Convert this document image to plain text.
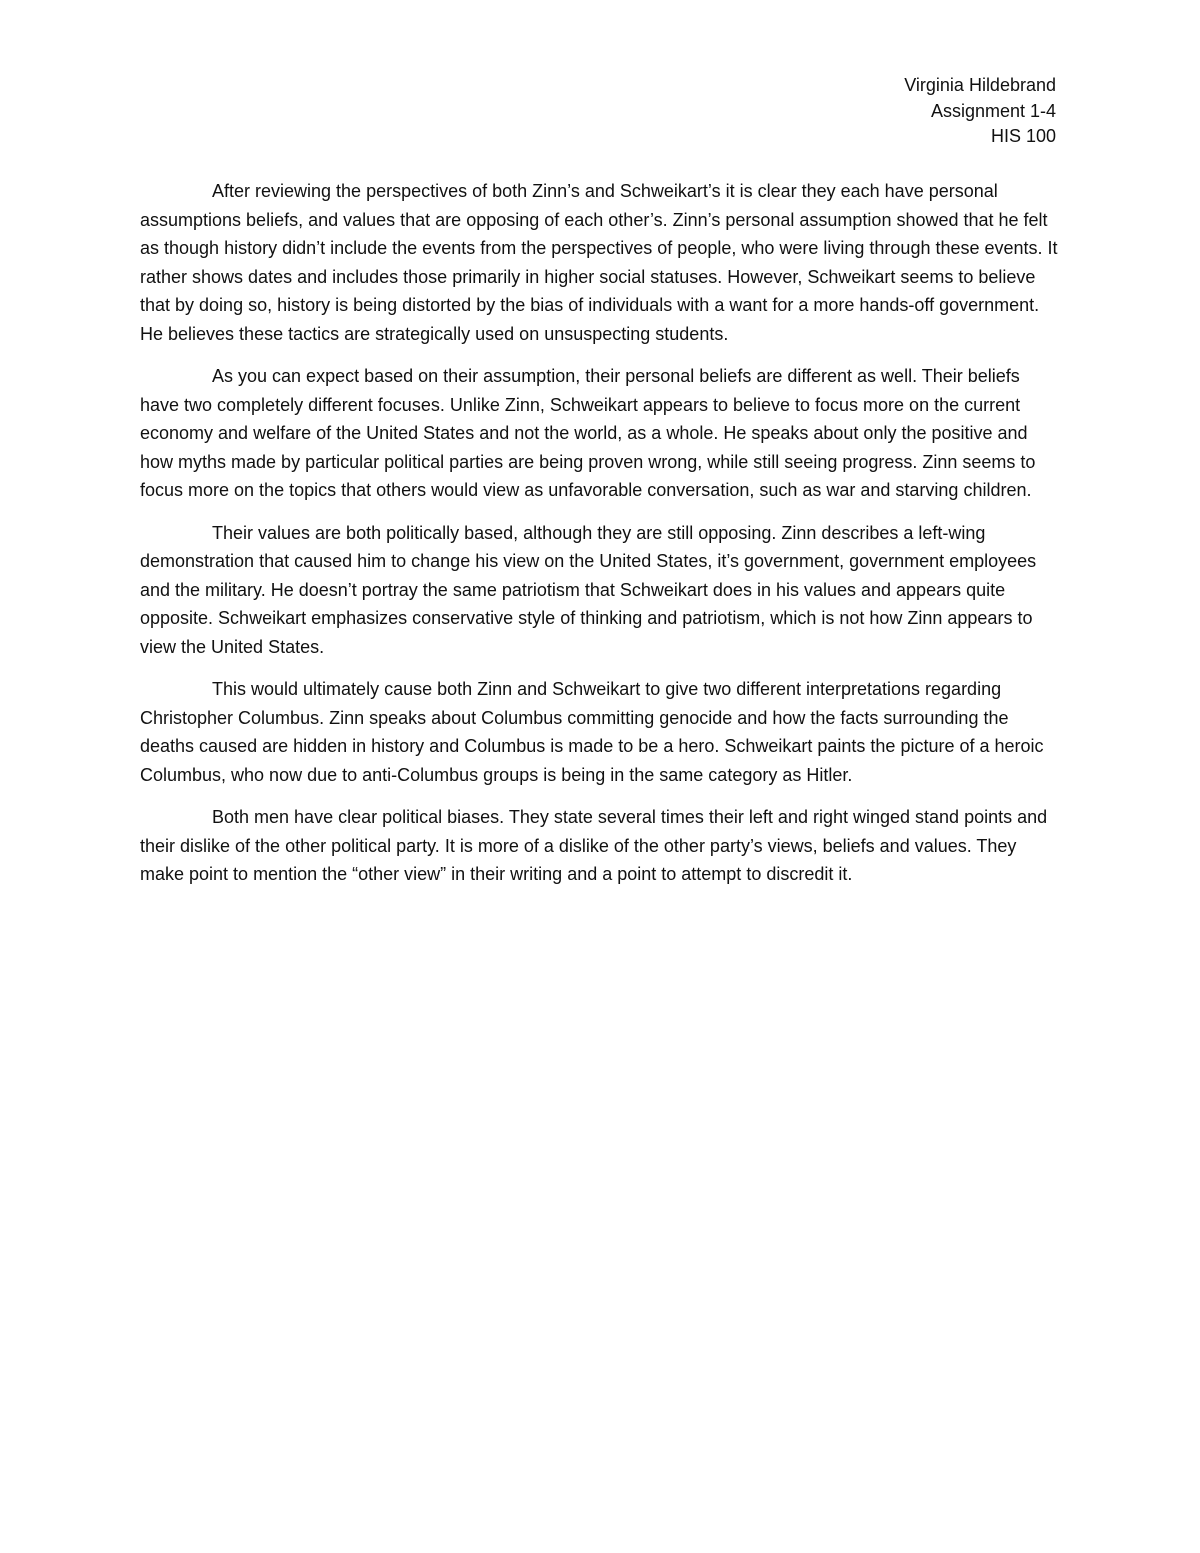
Virginia Hildebrand
Assignment 1-4
HIS 100

After reviewing the perspectives of both Zinn’s and Schweikart’s it is clear they each have personal assumptions beliefs, and values that are opposing of each other’s. Zinn’s personal assumption showed that he felt as though history didn’t include the events from the perspectives of people, who were living through these events. It rather shows dates and includes those primarily in higher social statuses. However, Schweikart seems to believe that by doing so, history is being distorted by the bias of individuals with a want for a more hands-off government. He believes these tactics are strategically used on unsuspecting students.

As you can expect based on their assumption, their personal beliefs are different as well. Their beliefs have two completely different focuses. Unlike Zinn, Schweikart appears to believe to focus more on the current economy and welfare of the United States and not the world, as a whole. He speaks about only the positive and how myths made by particular political parties are being proven wrong, while still seeing progress. Zinn seems to focus more on the topics that others would view as unfavorable conversation, such as war and starving children.

Their values are both politically based, although they are still opposing. Zinn describes a left-wing demonstration that caused him to change his view on the United States, it’s government, government employees and the military. He doesn’t portray the same patriotism that Schweikart does in his values and appears quite opposite. Schweikart emphasizes conservative style of thinking and patriotism, which is not how Zinn appears to view the United States.

This would ultimately cause both Zinn and Schweikart to give two different interpretations regarding Christopher Columbus. Zinn speaks about Columbus committing genocide and how the facts surrounding the deaths caused are hidden in history and Columbus is made to be a hero. Schweikart paints the picture of a heroic Columbus, who now due to anti-Columbus groups is being in the same category as Hitler.

Both men have clear political biases. They state several times their left and right winged stand points and their dislike of the other political party. It is more of a dislike of the other party’s views, beliefs and values. They make point to mention the “other view” in their writing and a point to attempt to discredit it.
